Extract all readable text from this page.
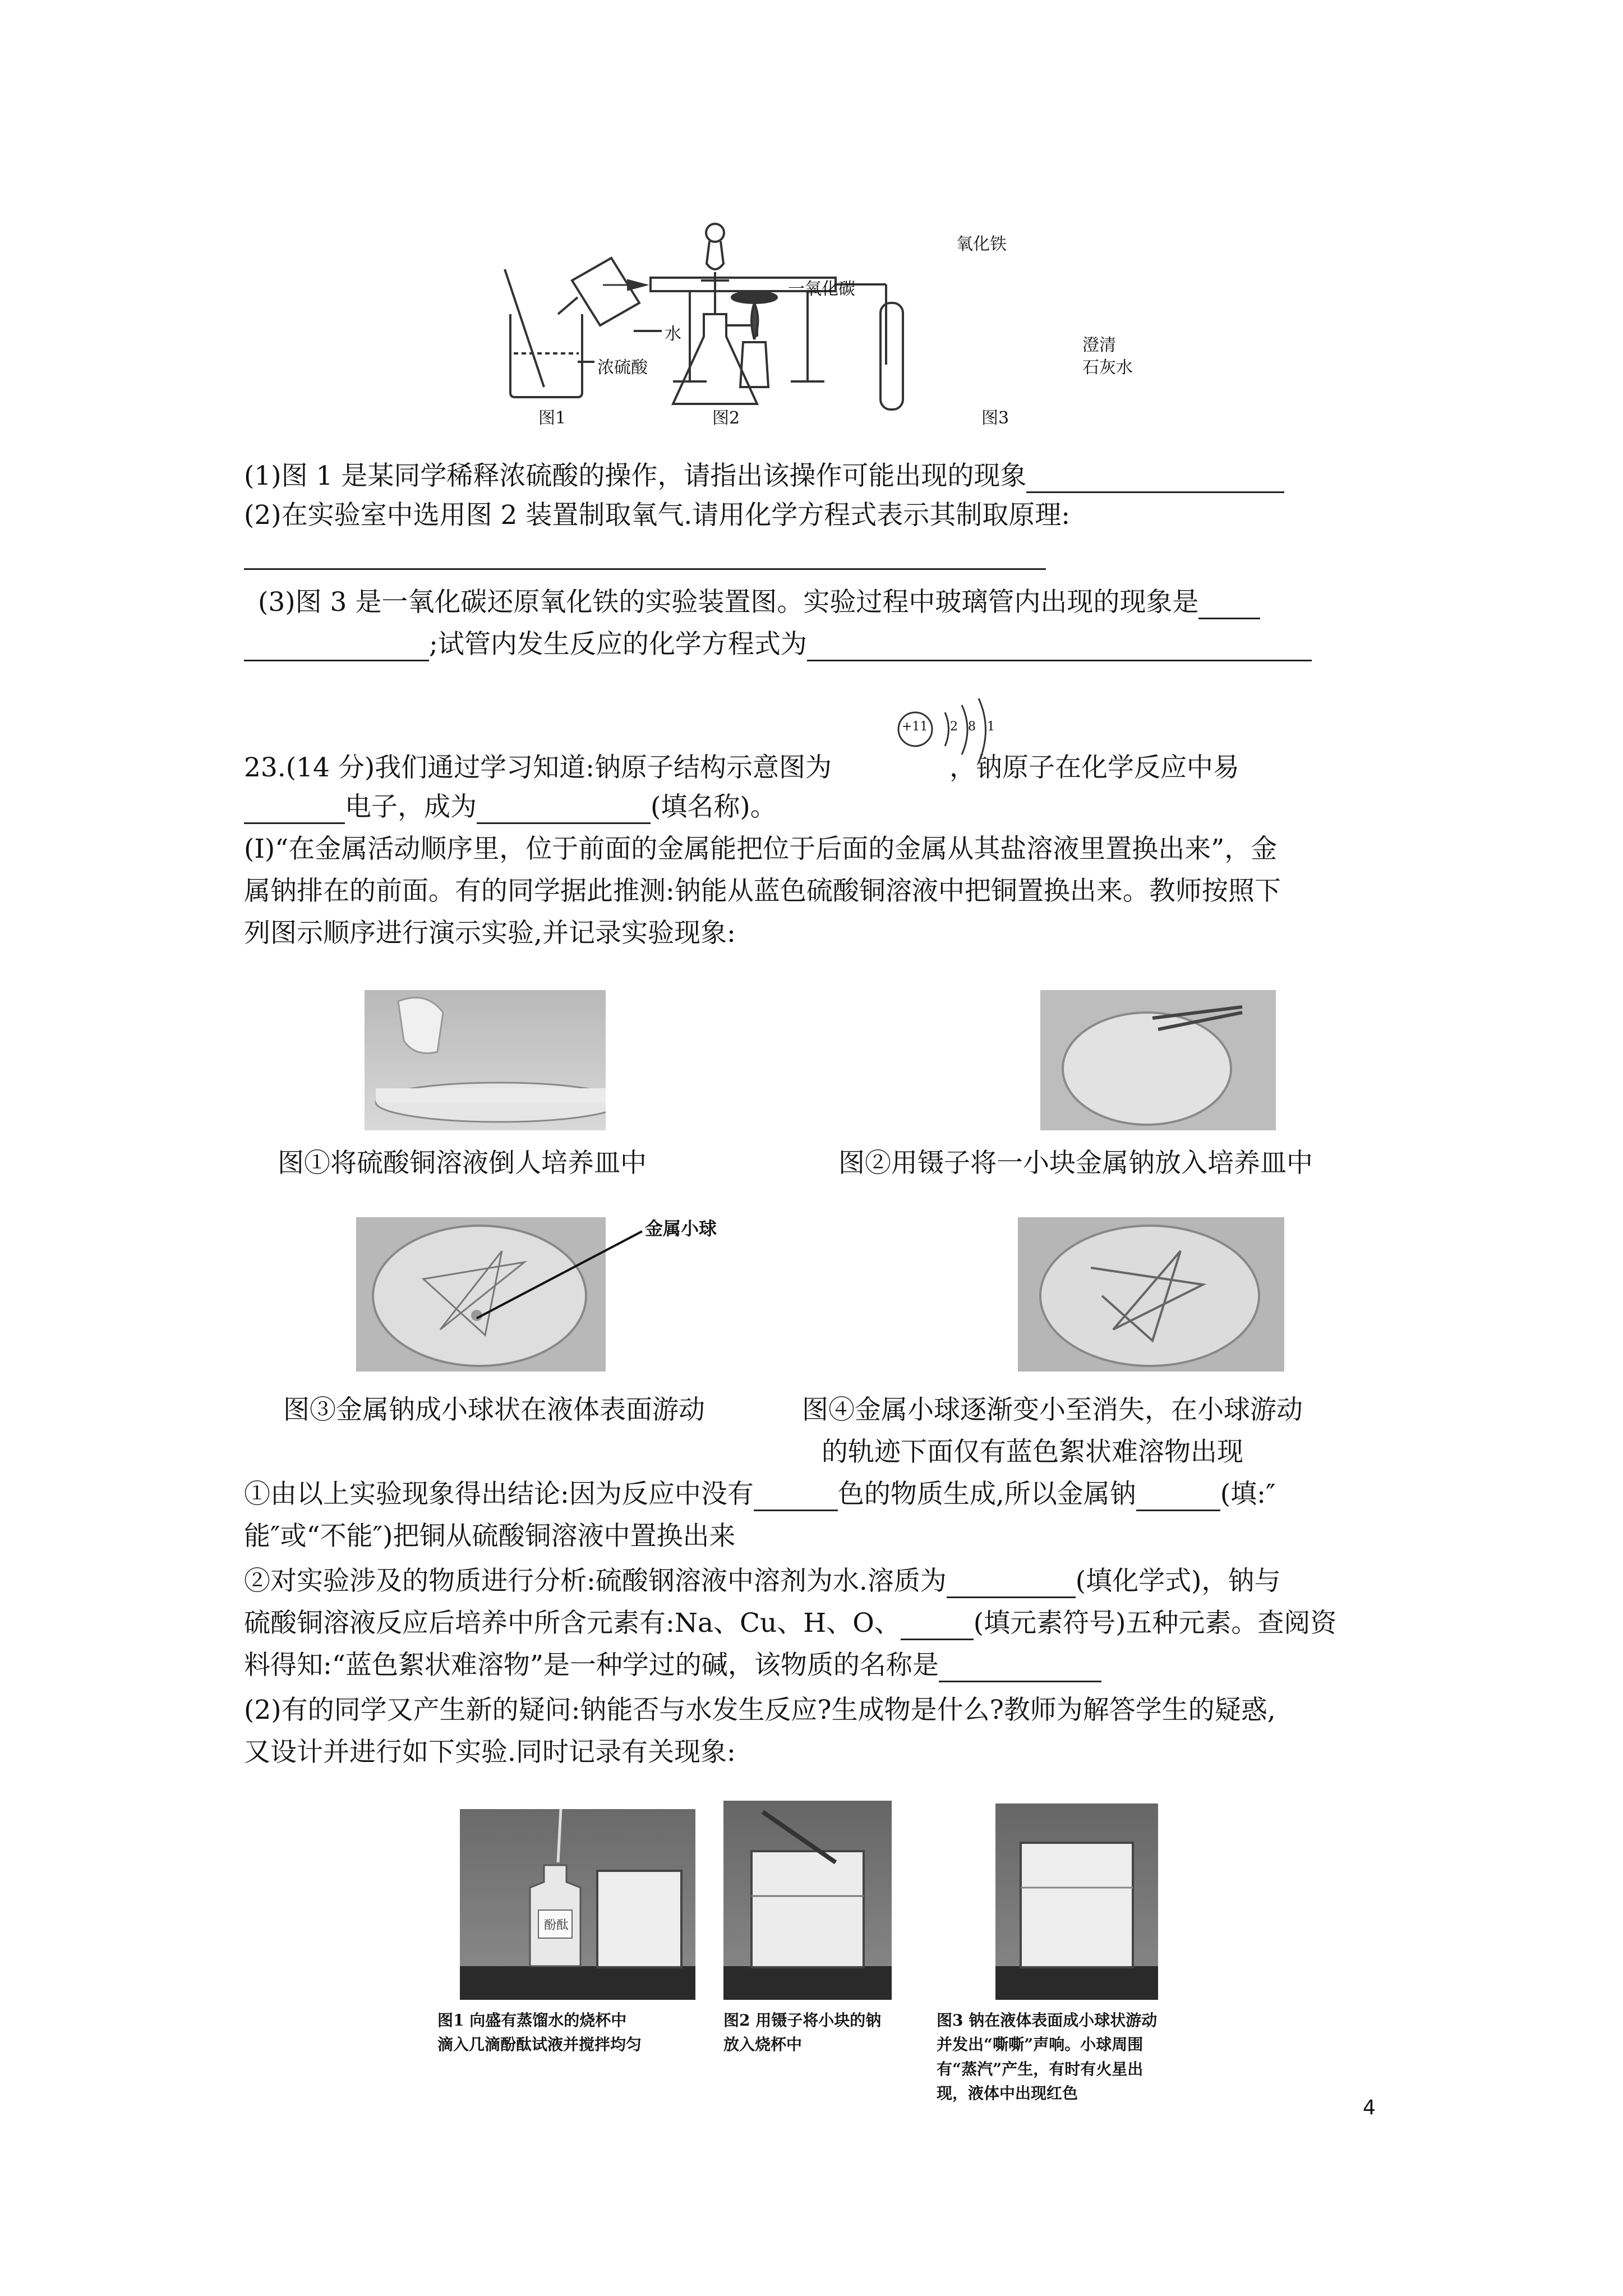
水
浓硫酸
图1	图2
一氧化碳
氧化铁
澄清
石灰水
图3
(1)图 1 是某同学稀释浓硫酸的操作，请指出该操作可能出现的现象
(2)在实验室中选用图 2 装置制取氧气.请用化学方程式表示其制取原理:
(3)图 3 是一氧化碳还原氧化铁的实验装置图。实验过程中玻璃管内出现的现象是
;试管内发生反应的化学方程式为
23.(14 分)我们通过学习知道:钠原子结构示意图为	，钠原子在化学反应中易
+11 2 8 1
电子，成为	(填名称)。
(I)“在金属活动顺序里，位于前面的金属能把位于后面的金属从其盐溶液里置换出来”，金
属钠排在的前面。有的同学据此推测:钠能从蓝色硫酸铜溶液中把铜置换出来。教师按照下
列图示顺序进行演示实验,并记录实验现象:
图①将硫酸铜溶液倒人培养皿中	图②用镊子将一小块金属钠放入培养皿中
金属小球
图③金属钠成小球状在液体表面游动	图④金属小球逐渐变小至消失，在小球游动
的轨迹下面仅有蓝色絮状难溶物出现
①由以上实验现象得出结论:因为反应中没有	色的物质生成,所以金属钠	(填:″
能″或“不能″)把铜从硫酸铜溶液中置换出来
②对实验涉及的物质进行分析:硫酸钢溶液中溶剂为水.溶质为	(填化学式)，钠与
硫酸铜溶液反应后培养中所含元素有:Na、Cu、H、O、	(填元素符号)五种元素。查阅资
料得知:“蓝色絮状难溶物”是一种学过的碱，该物质的名称是
(2)有的同学又产生新的疑问:钠能否与水发生反应?生成物是什么?教师为解答学生的疑惑,
又设计并进行如下实验.同时记录有关现象:
酚酞
图1 向盛有蒸馏水的烧杯中
滴入几滴酚酞试液并搅拌均匀
图2 用镊子将小块的钠
放入烧杯中
图3 钠在液体表面成小球状游动
并发出“嘶嘶”声响。小球周围
有“蒸汽”产生，有时有火星出
现，液体中出现红色
4
